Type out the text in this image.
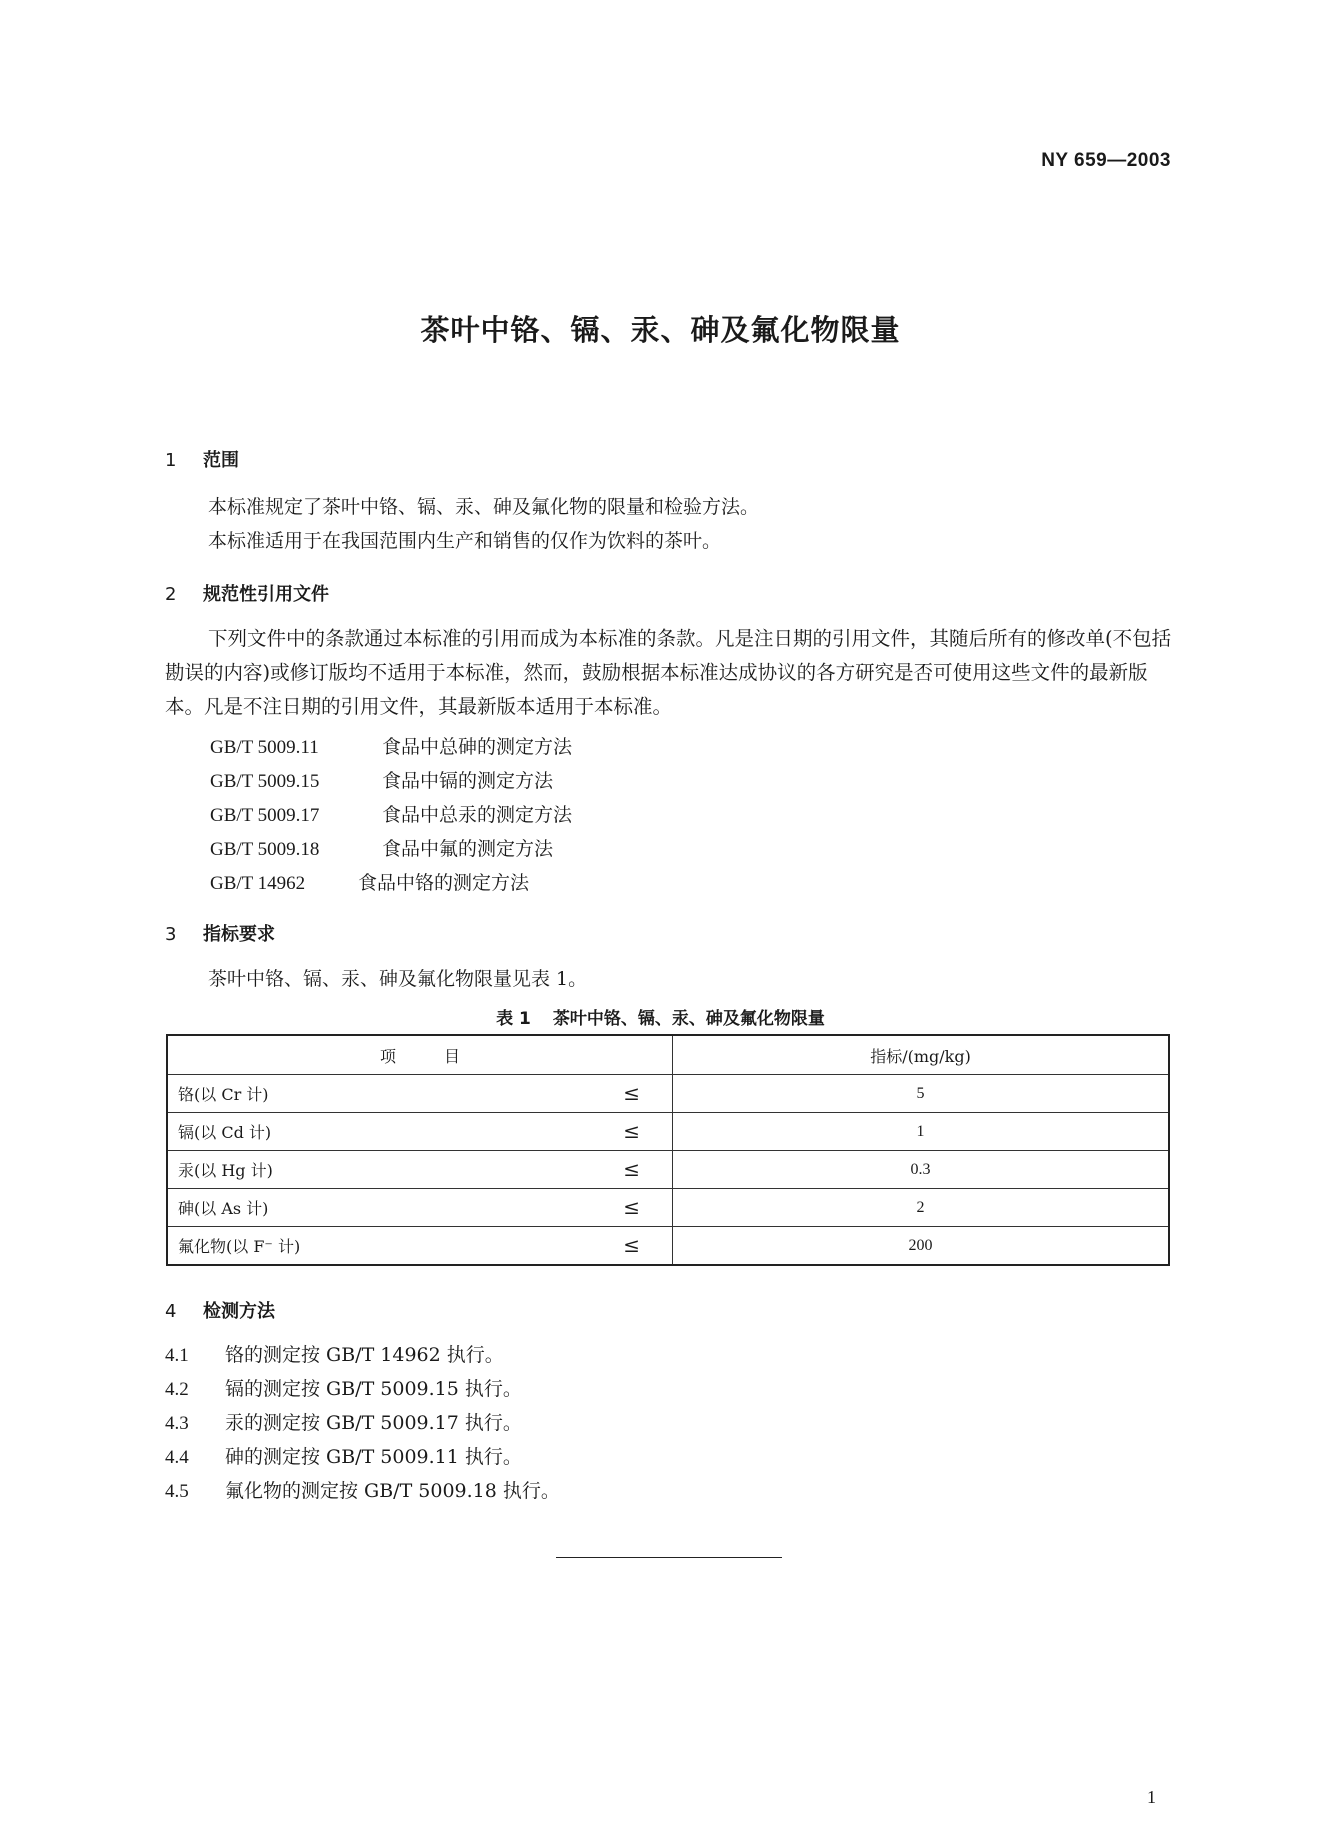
NY 659—2003
茶叶中铬、镉、汞、砷及氟化物限量
1 范围
本标准规定了茶叶中铬、镉、汞、砷及氟化物的限量和检验方法。
本标准适用于在我国范围内生产和销售的仅作为饮料的茶叶。
2 规范性引用文件
下列文件中的条款通过本标准的引用而成为本标准的条款。凡是注日期的引用文件，其随后所有的修改单(不包括勘误的内容)或修订版均不适用于本标准，然而，鼓励根据本标准达成协议的各方研究是否可使用这些文件的最新版本。凡是不注日期的引用文件，其最新版本适用于本标准。
GB/T 5009.11	食品中总砷的测定方法
GB/T 5009.15	食品中镉的测定方法
GB/T 5009.17	食品中总汞的测定方法
GB/T 5009.18	食品中氟的测定方法
GB/T 14962	食品中铬的测定方法
3 指标要求
茶叶中铬、镉、汞、砷及氟化物限量见表 1。
表 1 茶叶中铬、镉、汞、砷及氟化物限量
项目	指标/(mg/kg)
铬(以 Cr 计) ≤	5
镉(以 Cd 计) ≤	1
汞(以 Hg 计) ≤	0.3
砷(以 As 计) ≤	2
氟化物(以 F⁻ 计) ≤	200
4 检测方法
4.1 铬的测定按 GB/T 14962 执行。
4.2 镉的测定按 GB/T 5009.15 执行。
4.3 汞的测定按 GB/T 5009.17 执行。
4.4 砷的测定按 GB/T 5009.11 执行。
4.5 氟化物的测定按 GB/T 5009.18 执行。
1
